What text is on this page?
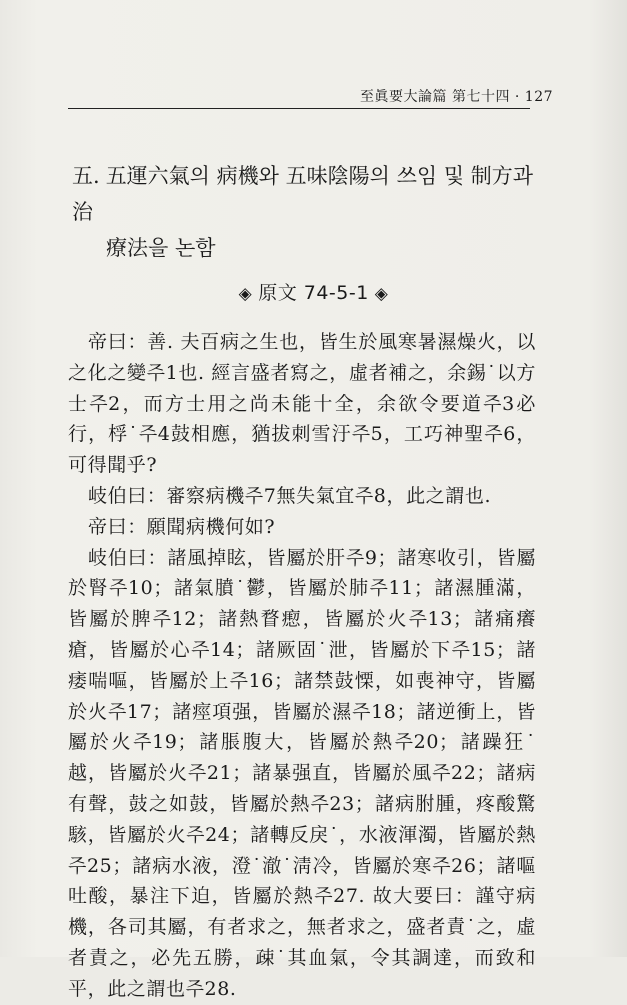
至眞要大論篇 第七十四 · 127
五. 五運六氣의 病機와 五味陰陽의 쓰임 및 制方과 治
療法을 논함
◈ 原文 74-5-1 ◈

帝曰：善. 夫百病之生也，皆生於風寒暑濕燥火，以之化之變주1也. 經言盛者寫之，虛者補之，余錫˙以方士주2，而方士用之尚未能十全，余欲令要道주3必行，桴˙주4鼓相應，猶拔刺雪汙주5，工巧神聖주6，可得聞乎?

岐伯曰：審察病機주7無失氣宜주8，此之謂也.

帝曰：願聞病機何如?

岐伯曰：諸風掉眩，皆屬於肝주9；諸寒收引，皆屬於腎주10；諸氣膹˙鬱，皆屬於肺주11；諸濕腫滿，皆屬於脾주12；諸熱瞀瘛，皆屬於火주13；諸痛癢瘡，皆屬於心주14；諸厥固˙泄，皆屬於下주15；諸痿喘嘔，皆屬於上주16；諸禁鼓慄，如喪神守，皆屬於火주17；諸痙項强，皆屬於濕주18；諸逆衝上，皆屬於火주19；諸脹腹大，皆屬於熱주20；諸躁狂˙越，皆屬於火주21；諸暴强直，皆屬於風주22；諸病有聲，鼓之如鼓，皆屬於熱주23；諸病胕腫，疼酸驚駭，皆屬於火주24；諸轉反戾˙，水液渾濁，皆屬於熱주25；諸病水液，澄˙澈˙淸冷，皆屬於寒주26；諸嘔吐酸，暴注下迫，皆屬於熱주27. 故大要曰：謹守病機，各司其屬，有者求之，無者求之，盛者責˙之，虛者責之，必先五勝，疎˙其血氣，令其調達，而致和平，此之謂也주28.
